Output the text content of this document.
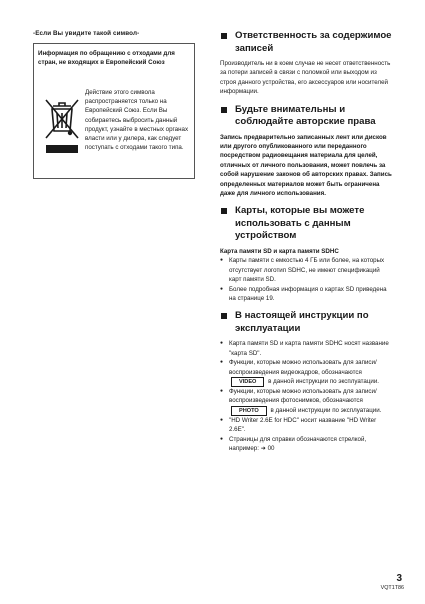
-Если Вы увидите такой символ-
Информация по обращению с отходами для стран, не входящих в Европейский Союз
Действие этого символа распространяется только на Европейский Союз. Если Вы собираетесь выбросить данный продукт, узнайте в местных органах власти или у дилера, как следует поступать с отходами такого типа.
Ответственность за содержимое записей
Производитель ни в коем случае не несет ответственность за потери записей в связи с поломкой или выходом из строя данного устройства, его аксессуаров или носителей информации.
Будьте внимательны и соблюдайте авторские права
Запись предварительно записанных лент или дисков или другого опубликованного или переданного посредством радиовещания материала для целей, отличных от личного пользования, может повлечь за собой нарушение законов об авторских правах. Запись определенных материалов может быть ограничена даже для личного использования.
Карты, которые вы можете использовать с данным устройством
Карта памяти SD и карта памяти SDHC
● Карты памяти с емкостью 4 ГБ или более, на которых отсутствует логотип SDHC, не имеют спецификаций карт памяти SD.
● Более подробная информация о картах SD приведена на странице 19.
В настоящей инструкции по эксплуатации
● Карта памяти SD и карта памяти SDHC носят название "карта SD".
● Функции, которые можно использовать для записи/воспроизведения видеокадров, обозначаются VIDEO в данной инструкции по эксплуатации.
● Функции, которые можно использовать для записи/воспроизведения фотоснимков, обозначаются PHOTO в данной инструкции по эксплуатации.
● "HD Writer 2.6E for HDC" носит название "HD Writer 2.6E".
● Страницы для справки обозначаются стрелкой, например: ➜ 00
3
VQT1T86
